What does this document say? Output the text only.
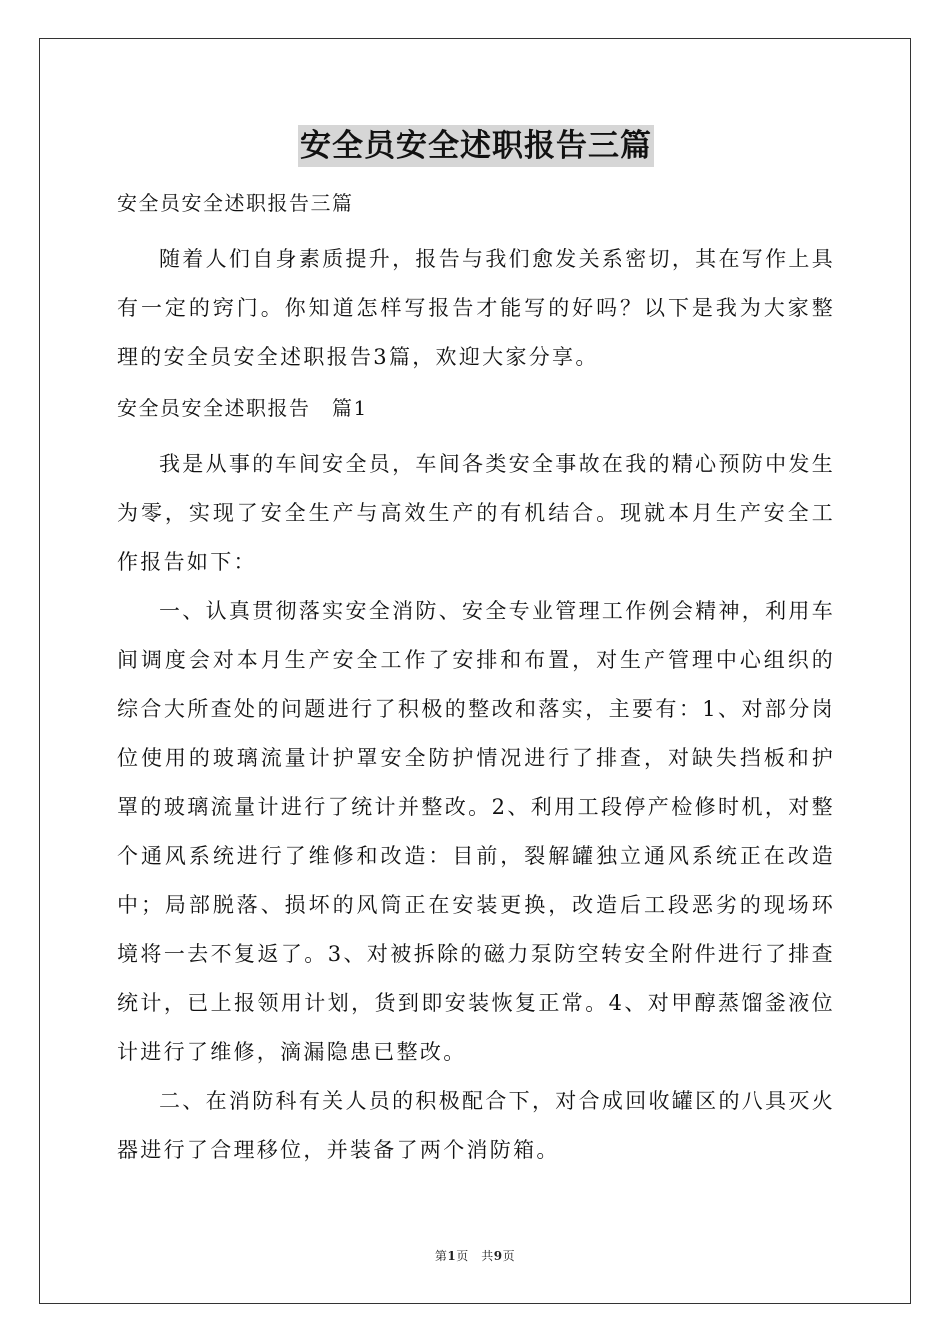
安全员安全述职报告三篇

安全员安全述职报告三篇

随着人们自身素质提升，报告与我们愈发关系密切，其在写作上具有一定的窍门。你知道怎样写报告才能写的好吗？以下是我为大家整理的安全员安全述职报告3篇，欢迎大家分享。

安全员安全述职报告　篇1

我是从事的车间安全员，车间各类安全事故在我的精心预防中发生为零，实现了安全生产与高效生产的有机结合。现就本月生产安全工作报告如下：

一、认真贯彻落实安全消防、安全专业管理工作例会精神，利用车间调度会对本月生产安全工作了安排和布置，对生产管理中心组织的综合大所查处的问题进行了积极的整改和落实，主要有：1、对部分岗位使用的玻璃流量计护罩安全防护情况进行了排查，对缺失挡板和护罩的玻璃流量计进行了统计并整改。2、利用工段停产检修时机，对整个通风系统进行了维修和改造：目前，裂解罐独立通风系统正在改造中；局部脱落、损坏的风筒正在安装更换，改造后工段恶劣的现场环境将一去不复返了。3、对被拆除的磁力泵防空转安全附件进行了排查统计，已上报领用计划，货到即安装恢复正常。4、对甲醇蒸馏釜液位计进行了维修，滴漏隐患已整改。

二、在消防科有关人员的积极配合下，对合成回收罐区的八具灭火器进行了合理移位，并装备了两个消防箱。

第1页　共9页
